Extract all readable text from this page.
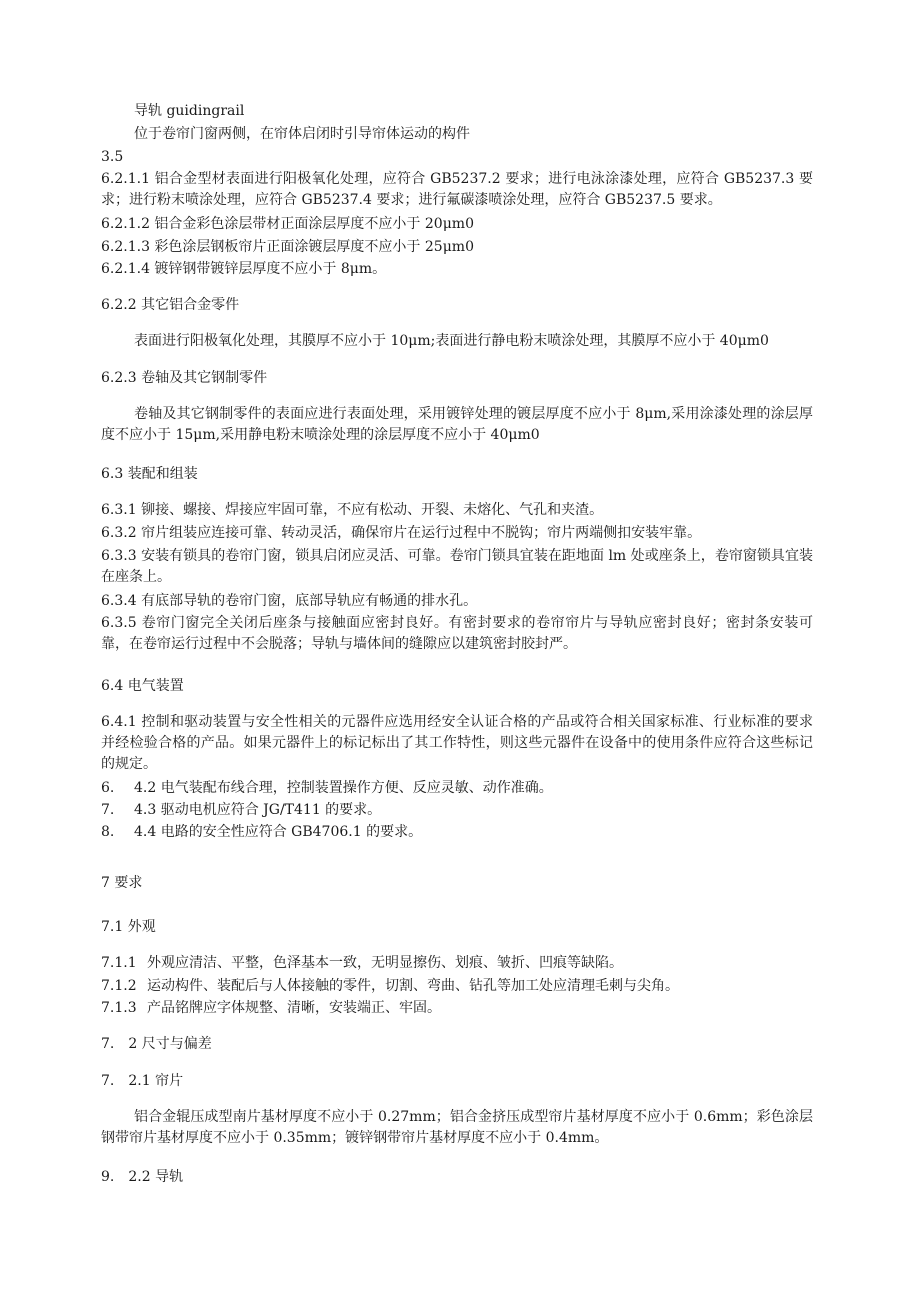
导轨 guidingrail
位于卷帘门窗两侧，在帘体启闭时引导帘体运动的构件
3.5
6.2.1.1 铝合金型材表面进行阳极氧化处理，应符合 GB5237.2 要求；进行电泳涂漆处理，应符合 GB5237.3 要求；进行粉末喷涂处理，应符合 GB5237.4 要求；进行氟碳漆喷涂处理，应符合 GB5237.5 要求。
6.2.1.2 铝合金彩色涂层带材正面涂层厚度不应小于 20μm0
6.2.1.3 彩色涂层钢板帘片正面涂镀层厚度不应小于 25μm0
6.2.1.4 镀锌钢带镀锌层厚度不应小于 8μm。
6.2.2 其它铝合金零件
表面进行阳极氧化处理，其膜厚不应小于 10μm;表面进行静电粉末喷涂处理，其膜厚不应小于 40μm0
6.2.3 卷轴及其它钢制零件
卷轴及其它钢制零件的表面应进行表面处理，采用镀锌处理的镀层厚度不应小于 8μm,采用涂漆处理的涂层厚度不应小于 15μm,采用静电粉末喷涂处理的涂层厚度不应小于 40μm0
6.3 装配和组装
6.3.1 铆接、螺接、焊接应牢固可靠，不应有松动、开裂、未熔化、气孔和夹渣。
6.3.2 帘片组装应连接可靠、转动灵活，确保帘片在运行过程中不脱钩；帘片两端侧扣安装牢靠。
6.3.3 安装有锁具的卷帘门窗，锁具启闭应灵活、可靠。卷帘门锁具宜装在距地面 lm 处或座条上，卷帘窗锁具宜装在座条上。
6.3.4 有底部导轨的卷帘门窗，底部导轨应有畅通的排水孔。
6.3.5 卷帘门窗完全关闭后座条与接触面应密封良好。有密封要求的卷帘帘片与导轨应密封良好；密封条安装可靠，在卷帘运行过程中不会脱落；导轨与墙体间的缝隙应以建筑密封胶封严。
6.4 电气装置
6.4.1 控制和驱动装置与安全性相关的元器件应选用经安全认证合格的产品或符合相关国家标准、行业标准的要求并经检验合格的产品。如果元器件上的标记标出了其工作特性，则这些元器件在设备中的使用条件应符合这些标记的规定。
6. 4.2 电气装配布线合理，控制装置操作方便、反应灵敏、动作准确。
7. 4.3 驱动电机应符合 JG/T411 的要求。
8. 4.4 电路的安全性应符合 GB4706.1 的要求。
7 要求
7.1 外观
7.1.1 外观应清洁、平整，色泽基本一致，无明显擦伤、划痕、皱折、凹痕等缺陷。
7.1.2 运动构件、装配后与人体接触的零件，切割、弯曲、钻孔等加工处应清理毛刺与尖角。
7.1.3 产品铭牌应字体规整、清晰，安装端正、牢固。
7.　2 尺寸与偏差
7.　2.1 帘片
铝合金辊压成型南片基材厚度不应小于 0.27mm；铝合金挤压成型帘片基材厚度不应小于 0.6mm；彩色涂层钢带帘片基材厚度不应小于 0.35mm；镀锌钢带帘片基材厚度不应小于 0.4mm。
9.　2.2 导轨
